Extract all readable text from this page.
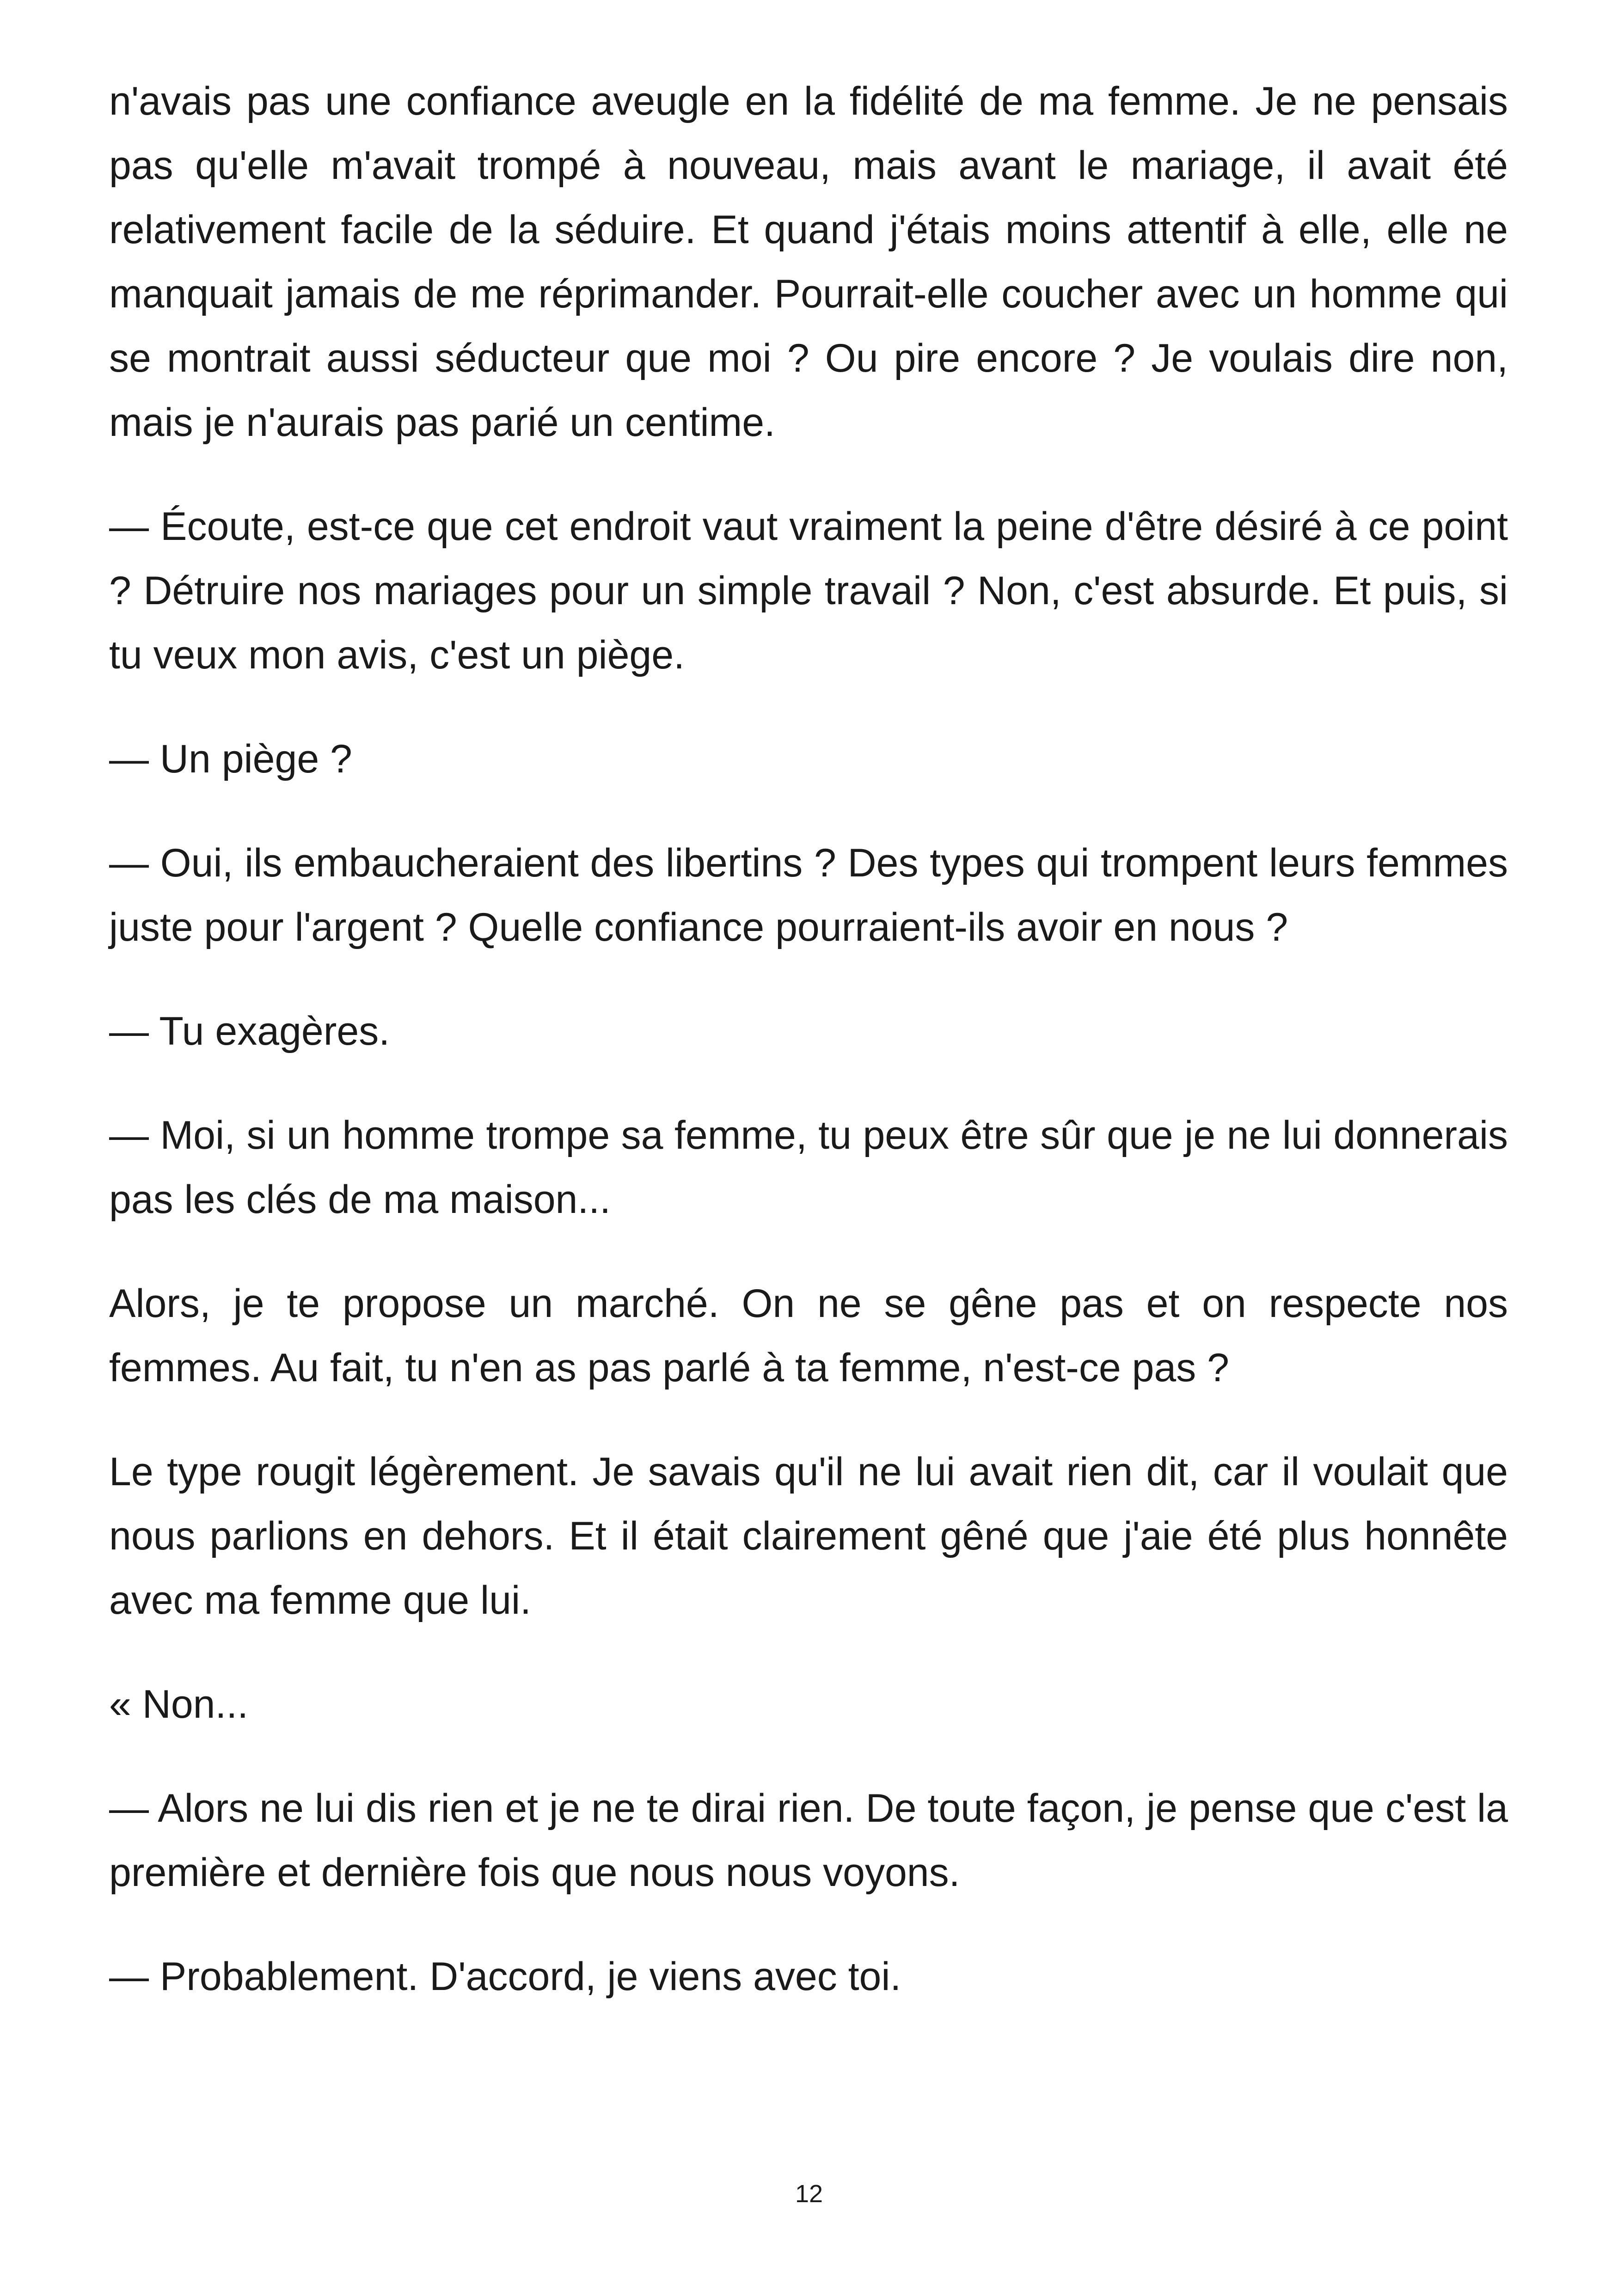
n'avais pas une confiance aveugle en la fidélité de ma femme. Je ne pensais pas qu'elle m'avait trompé à nouveau, mais avant le mariage, il avait été relativement facile de la séduire. Et quand j'étais moins attentif à elle, elle ne manquait jamais de me réprimander. Pourrait-elle coucher avec un homme qui se montrait aussi séducteur que moi ? Ou pire encore ? Je voulais dire non, mais je n'aurais pas parié un centime.

— Écoute, est-ce que cet endroit vaut vraiment la peine d'être désiré à ce point ? Détruire nos mariages pour un simple travail ? Non, c'est absurde. Et puis, si tu veux mon avis, c'est un piège.

— Un piège ?

— Oui, ils embaucheraient des libertins ? Des types qui trompent leurs femmes juste pour l'argent ? Quelle confiance pourraient-ils avoir en nous ?

— Tu exagères.

— Moi, si un homme trompe sa femme, tu peux être sûr que je ne lui donnerais pas les clés de ma maison...

Alors, je te propose un marché. On ne se gêne pas et on respecte nos femmes. Au fait, tu n'en as pas parlé à ta femme, n'est-ce pas ?

Le type rougit légèrement. Je savais qu'il ne lui avait rien dit, car il voulait que nous parlions en dehors. Et il était clairement gêné que j'aie été plus honnête avec ma femme que lui.

« Non...

— Alors ne lui dis rien et je ne te dirai rien. De toute façon, je pense que c'est la première et dernière fois que nous nous voyons.

— Probablement. D'accord, je viens avec toi.

12
